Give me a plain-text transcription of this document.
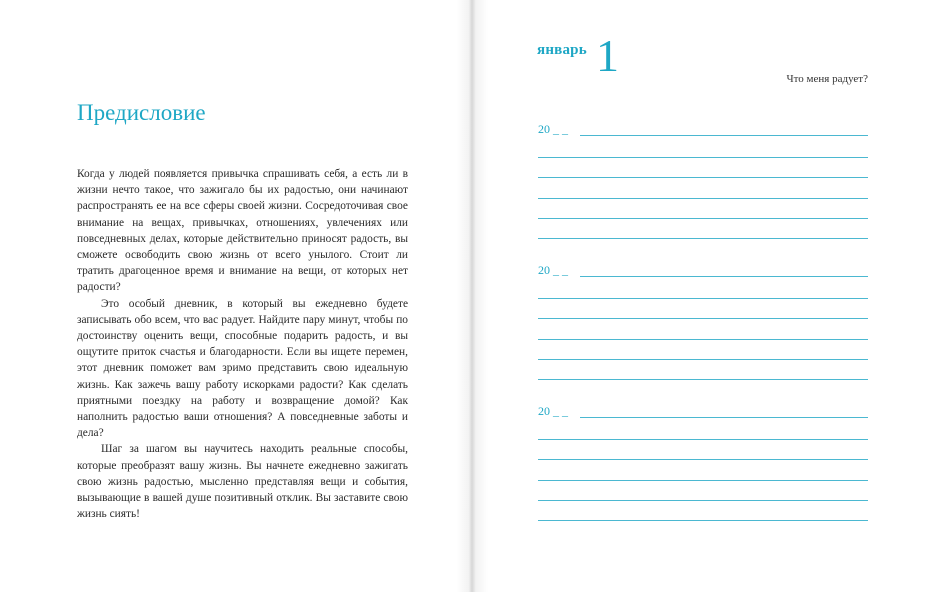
Предисловие

Когда у людей появляется привычка спрашивать себя, а есть ли в жизни нечто такое, что зажигало бы их радостью, они начинают распространять ее на все сферы своей жизни. Сосредоточивая свое внимание на вещах, привычках, отношениях, увлечениях или повседневных делах, которые действительно приносят радость, вы сможете освободить свою жизнь от всего унылого. Стоит ли тратить драгоценное время и внимание на вещи, от которых нет радости?

Это особый дневник, в который вы ежедневно будете записывать обо всем, что вас радует. Найдите пару минут, чтобы по достоинству оценить вещи, способные подарить радость, и вы ощутите приток счастья и благодарности. Если вы ищете перемен, этот дневник поможет вам зримо представить свою идеальную жизнь. Как зажечь вашу работу искорками радости? Как сделать приятными поездку на работу и возвращение домой? Как наполнить радостью ваши отношения? А повседневные заботы и дела?

Шаг за шагом вы научитесь находить реальные способы, которые преобразят вашу жизнь. Вы начнете ежедневно зажигать свою жизнь радостью, мысленно представляя вещи и события, вызывающие в вашей душе позитивный отклик. Вы заставите свою жизнь сиять!

январь 1	Что меня радует?
20 _ _
20 _ _
20 _ _
